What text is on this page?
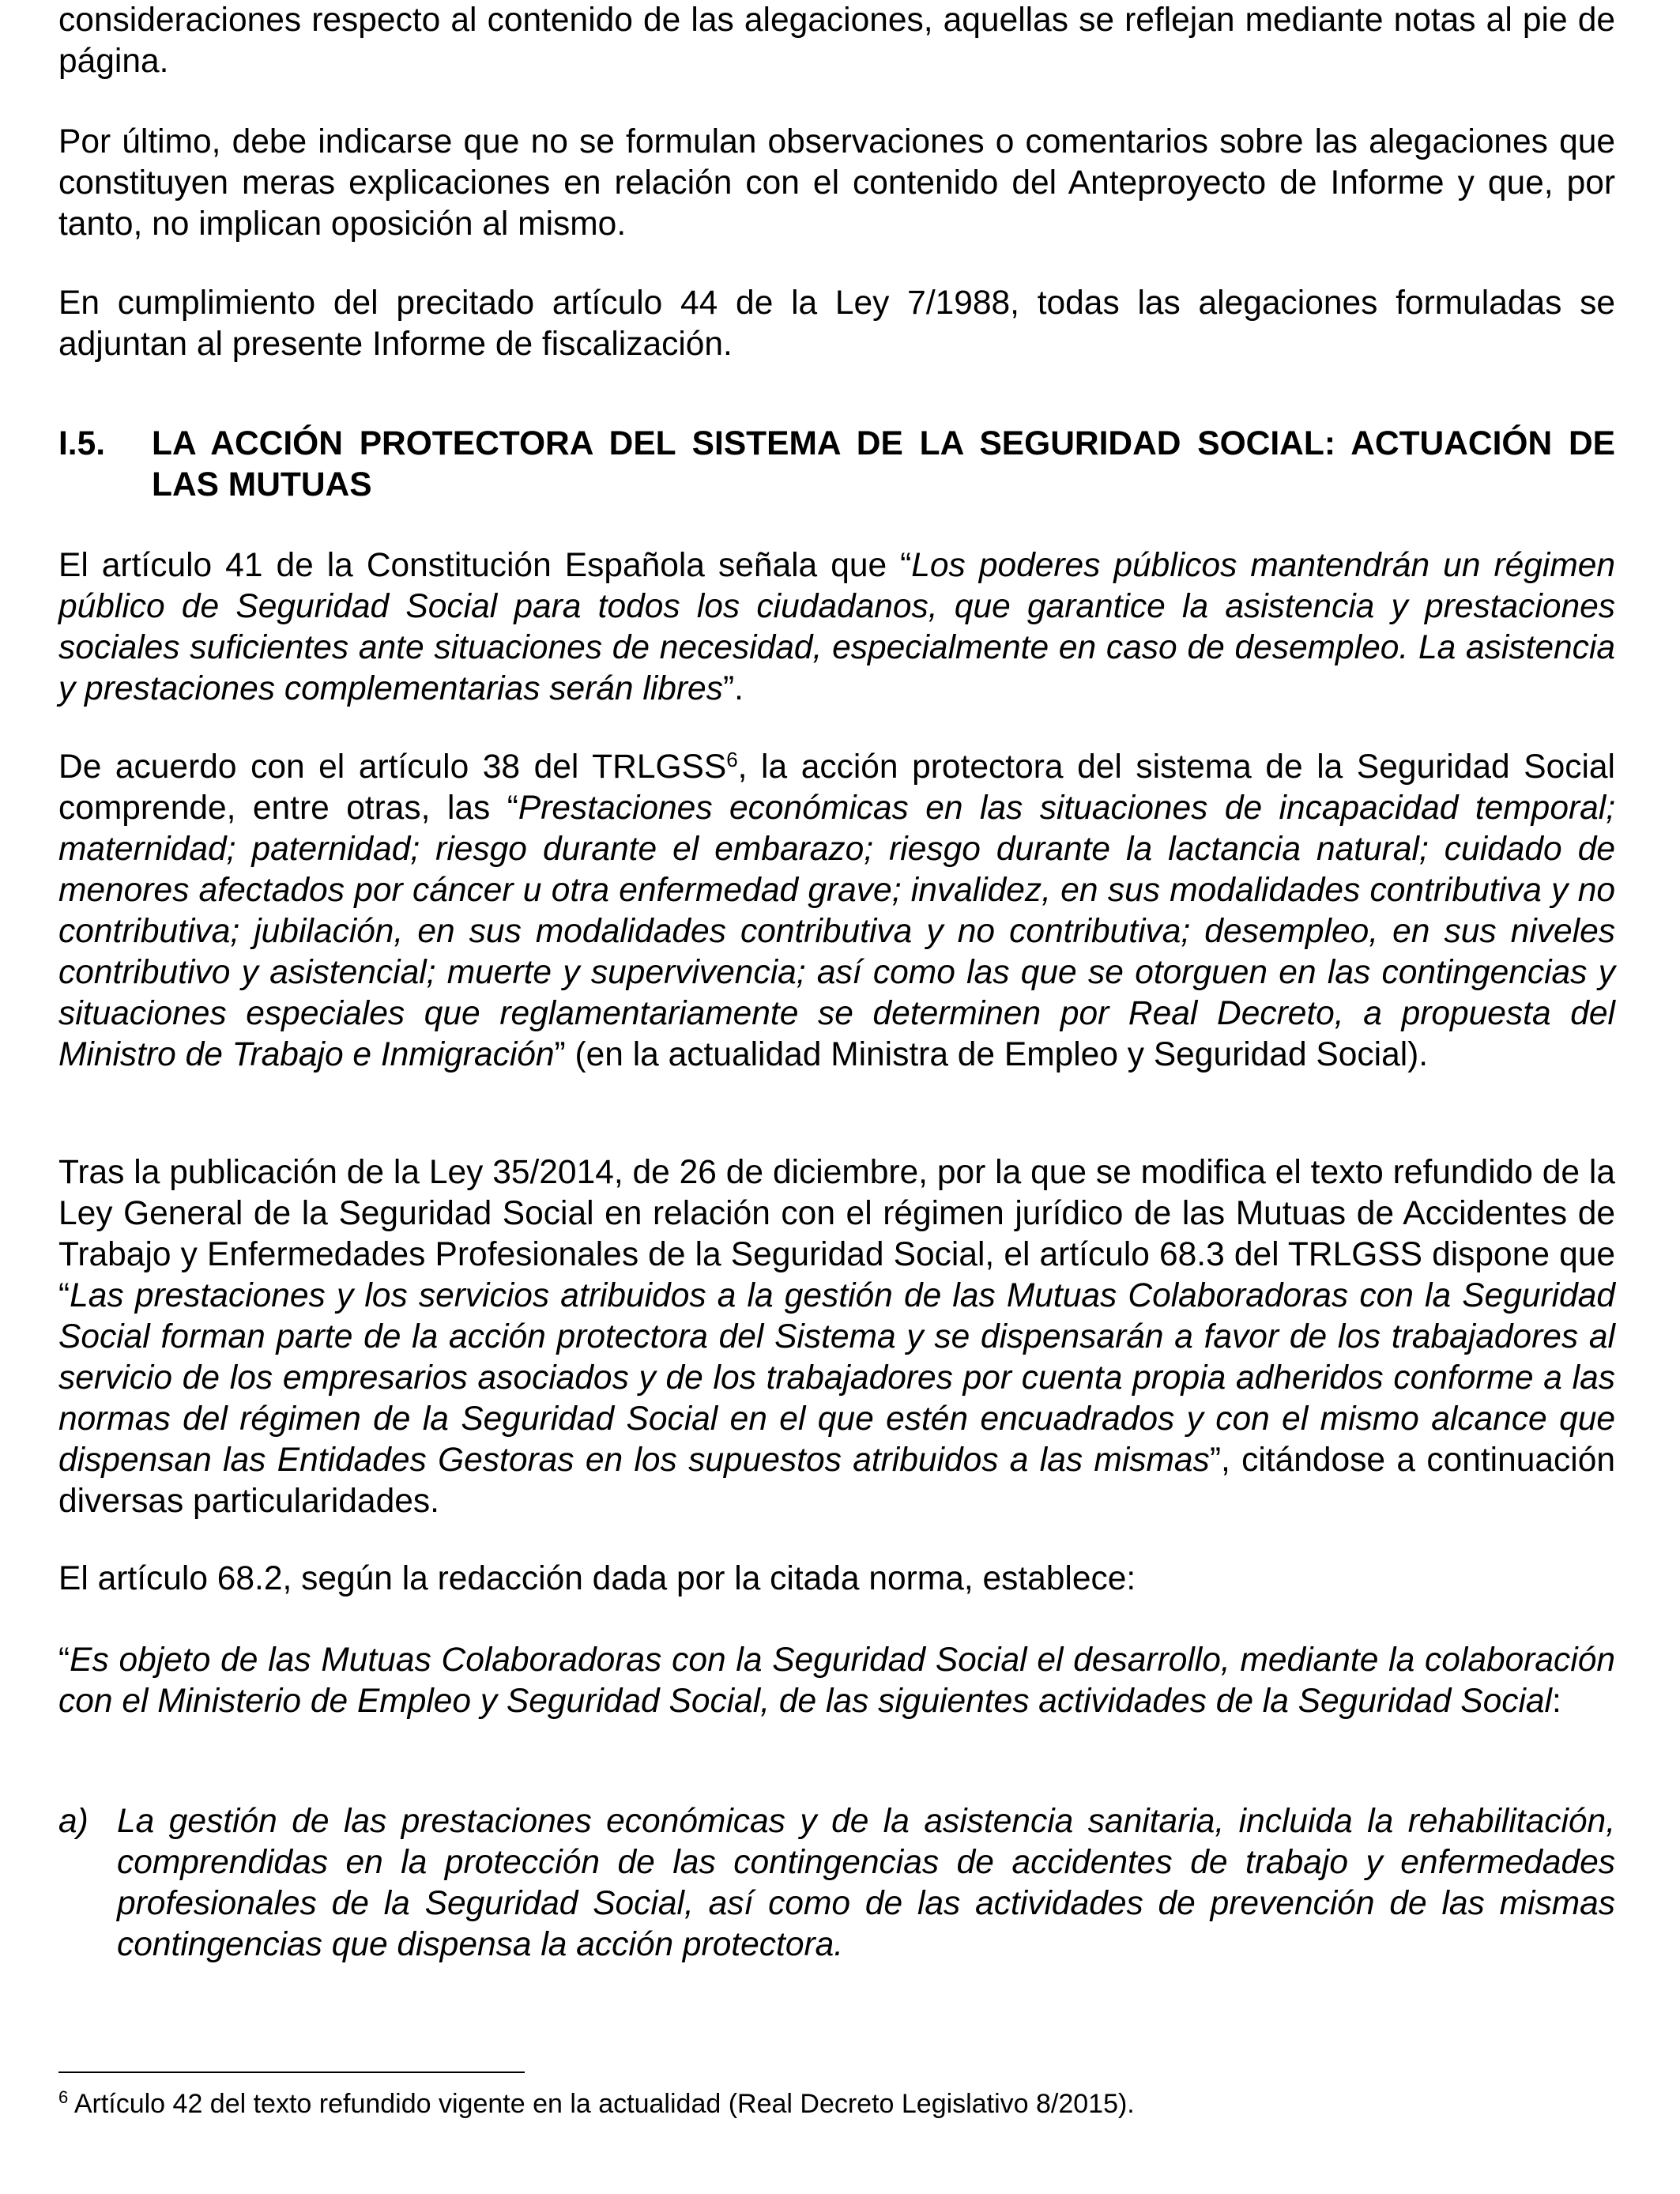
consideraciones respecto al contenido de las alegaciones, aquellas se reflejan mediante notas al pie de página.

Por último, debe indicarse que no se formulan observaciones o comentarios sobre las alegaciones que constituyen meras explicaciones en relación con el contenido del Anteproyecto de Informe y que, por tanto, no implican oposición al mismo.

En cumplimiento del precitado artículo 44 de la Ley 7/1988, todas las alegaciones formuladas se adjuntan al presente Informe de fiscalización.

I.5. LA ACCIÓN PROTECTORA DEL SISTEMA DE LA SEGURIDAD SOCIAL: ACTUACIÓN DE LAS MUTUAS

El artículo 41 de la Constitución Española señala que “Los poderes públicos mantendrán un régimen público de Seguridad Social para todos los ciudadanos, que garantice la asistencia y prestaciones sociales suficientes ante situaciones de necesidad, especialmente en caso de desempleo. La asistencia y prestaciones complementarias serán libres”.

De acuerdo con el artículo 38 del TRLGSS$^6$, la acción protectora del sistema de la Seguridad Social comprende, entre otras, las “Prestaciones económicas en las situaciones de incapacidad temporal; maternidad; paternidad; riesgo durante el embarazo; riesgo durante la lactancia natural; cuidado de menores afectados por cáncer u otra enfermedad grave; invalidez, en sus modalidades contributiva y no contributiva; jubilación, en sus modalidades contributiva y no contributiva; desempleo, en sus niveles contributivo y asistencial; muerte y supervivencia; así como las que se otorguen en las contingencias y situaciones especiales que reglamentariamente se determinen por Real Decreto, a propuesta del Ministro de Trabajo e Inmigración” (en la actualidad Ministra de Empleo y Seguridad Social).

Tras la publicación de la Ley 35/2014, de 26 de diciembre, por la que se modifica el texto refundido de la Ley General de la Seguridad Social en relación con el régimen jurídico de las Mutuas de Accidentes de Trabajo y Enfermedades Profesionales de la Seguridad Social, el artículo 68.3 del TRLGSS dispone que “Las prestaciones y los servicios atribuidos a la gestión de las Mutuas Colaboradoras con la Seguridad Social forman parte de la acción protectora del Sistema y se dispensarán a favor de los trabajadores al servicio de los empresarios asociados y de los trabajadores por cuenta propia adheridos conforme a las normas del régimen de la Seguridad Social en el que estén encuadrados y con el mismo alcance que dispensan las Entidades Gestoras en los supuestos atribuidos a las mismas”, citándose a continuación diversas particularidades.

El artículo 68.2, según la redacción dada por la citada norma, establece:

“Es objeto de las Mutuas Colaboradoras con la Seguridad Social el desarrollo, mediante la colaboración con el Ministerio de Empleo y Seguridad Social, de las siguientes actividades de la Seguridad Social:

a) La gestión de las prestaciones económicas y de la asistencia sanitaria, incluida la rehabilitación, comprendidas en la protección de las contingencias de accidentes de trabajo y enfermedades profesionales de la Seguridad Social, así como de las actividades de prevención de las mismas contingencias que dispensa la acción protectora.
$^6$ Artículo 42 del texto refundido vigente en la actualidad (Real Decreto Legislativo 8/2015).
